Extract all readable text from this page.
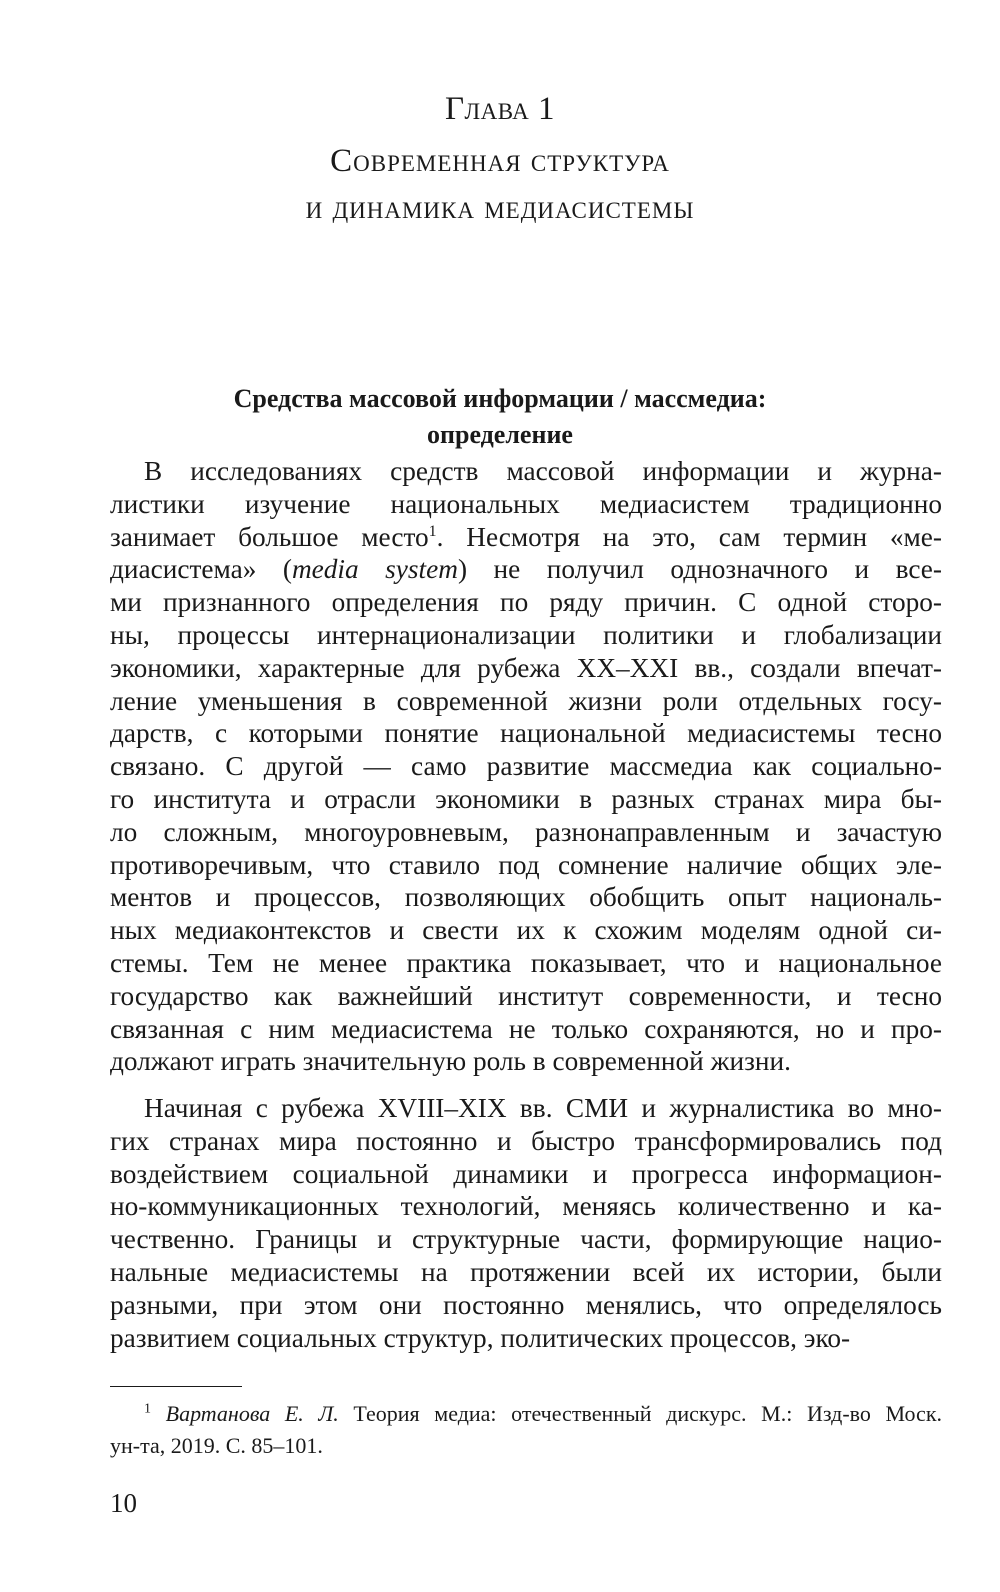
Глава 1
Современная структура
и динамика медиасистемы
Средства массовой информации / массмедиа:
определение
В исследованиях средств массовой информации и журна-
листики изучение национальных медиасистем традиционно
занимает большое место$^1$. Несмотря на это, сам термин «ме-
диасистема» (media system) не получил однозначного и все-
ми признанного определения по ряду причин. С одной сторо-
ны, процессы интернационализации политики и глобализации
экономики, характерные для рубежа XX–XXI вв., создали впечат-
ление уменьшения в современной жизни роли отдельных госу-
дарств, с которыми понятие национальной медиасистемы тесно
связано. С другой — само развитие массмедиа как социально-
го института и отрасли экономики в разных странах мира бы-
ло сложным, многоуровневым, разнонаправленным и зачастую
противоречивым, что ставило под сомнение наличие общих эле-
ментов и процессов, позволяющих обобщить опыт националь-
ных медиаконтекстов и свести их к схожим моделям одной си-
стемы. Тем не менее практика показывает, что и национальное
государство как важнейший институт современности, и тесно
связанная с ним медиасистема не только сохраняются, но и про-
должают играть значительную роль в современной жизни.
Начиная с рубежа XVIII–XIX вв. СМИ и журналистика во мно-
гих странах мира постоянно и быстро трансформировались под
воздействием социальной динамики и прогресса информацион-
но-коммуникационных технологий, меняясь количественно и ка-
чественно. Границы и структурные части, формирующие нацио-
нальные медиасистемы на протяжении всей их истории, были
разными, при этом они постоянно менялись, что определялось
развитием социальных структур, политических процессов, эко-
$^1$ Вартанова Е. Л. Теория медиа: отечественный дискурс. М.: Изд-во Моск.
ун-та, 2019. С. 85–101.
10
